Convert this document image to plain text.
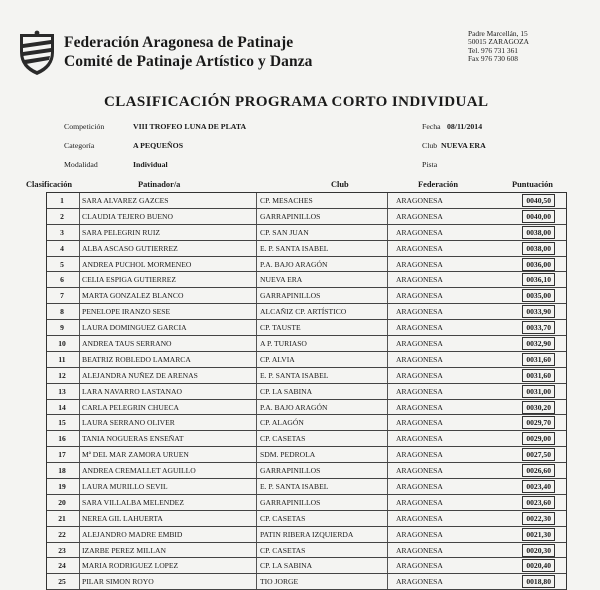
Federación Aragonesa de Patinaje
Comité de Patinaje Artístico y Danza
Padre Marcellán, 15
50015 ZARAGOZA
Tel. 976 731 361
Fax 976 730 608
CLASIFICACIÓN PROGRAMA CORTO INDIVIDUAL
Competición	VIII TROFEO LUNA DE PLATA
Categoría	A PEQUEÑOS
Modalidad	Individual
Fecha 08/11/2014
Club NUEVA ERA
Pista
Clasificación	Patinador/a	Club	Federación	Puntuación
1	SARA ALVAREZ GAZCES	CP. MESACHES	ARAGONESA	0040,50
2	CLAUDIA TEJERO BUENO	GARRAPINILLOS	ARAGONESA	0040,00
3	SARA PELEGRIN RUIZ	CP. SAN JUAN	ARAGONESA	0038,00
4	ALBA ASCASO GUTIERREZ	E. P. SANTA ISABEL	ARAGONESA	0038,00
5	ANDREA PUCHOL MORMENEO	P.A. BAJO ARAGÓN	ARAGONESA	0036,00
6	CELIA ESPIGA GUTIERREZ	NUEVA ERA	ARAGONESA	0036,10
7	MARTA GONZALEZ BLANCO	GARRAPINILLOS	ARAGONESA	0035,00
8	PENELOPE IRANZO SESE	ALCAÑIZ CP. ARTÍSTICO	ARAGONESA	0033,90
9	LAURA DOMINGUEZ GARCIA	CP. TAUSTE	ARAGONESA	0033,70
10	ANDREA TAUS SERRANO	A P. TURIASO	ARAGONESA	0032,90
11	BEATRIZ ROBLEDO LAMARCA	CP. ALVIA	ARAGONESA	0031,60
12	ALEJANDRA NUÑEZ DE ARENAS	E. P. SANTA ISABEL	ARAGONESA	0031,60
13	LARA NAVARRO LASTANAO	CP. LA SABINA	ARAGONESA	0031,00
14	CARLA PELEGRIN CHUECA	P.A. BAJO ARAGÓN	ARAGONESA	0030,20
15	LAURA SERRANO OLIVER	CP. ALAGÓN	ARAGONESA	0029,70
16	TANIA NOGUERAS ENSEÑAT	CP. CASETAS	ARAGONESA	0029,00
17	Mª DEL MAR ZAMORA URUEN	SDM. PEDROLA	ARAGONESA	0027,50
18	ANDREA CREMALLET AGUILLO	GARRAPINILLOS	ARAGONESA	0026,60
19	LAURA MURILLO SEVIL	E. P. SANTA ISABEL	ARAGONESA	0023,40
20	SARA VILLALBA MELENDEZ	GARRAPINILLOS	ARAGONESA	0023,60
21	NEREA GIL LAHUERTA	CP. CASETAS	ARAGONESA	0022,30
22	ALEJANDRO MADRE EMBID	PATIN RIBERA IZQUIERDA	ARAGONESA	0021,30
23	IZARBE PEREZ MILLAN	CP. CASETAS	ARAGONESA	0020,30
24	MARIA RODRIGUEZ LOPEZ	CP. LA SABINA	ARAGONESA	0020,40
25	PILAR SIMON ROYO	TIO JORGE	ARAGONESA	0018,80
